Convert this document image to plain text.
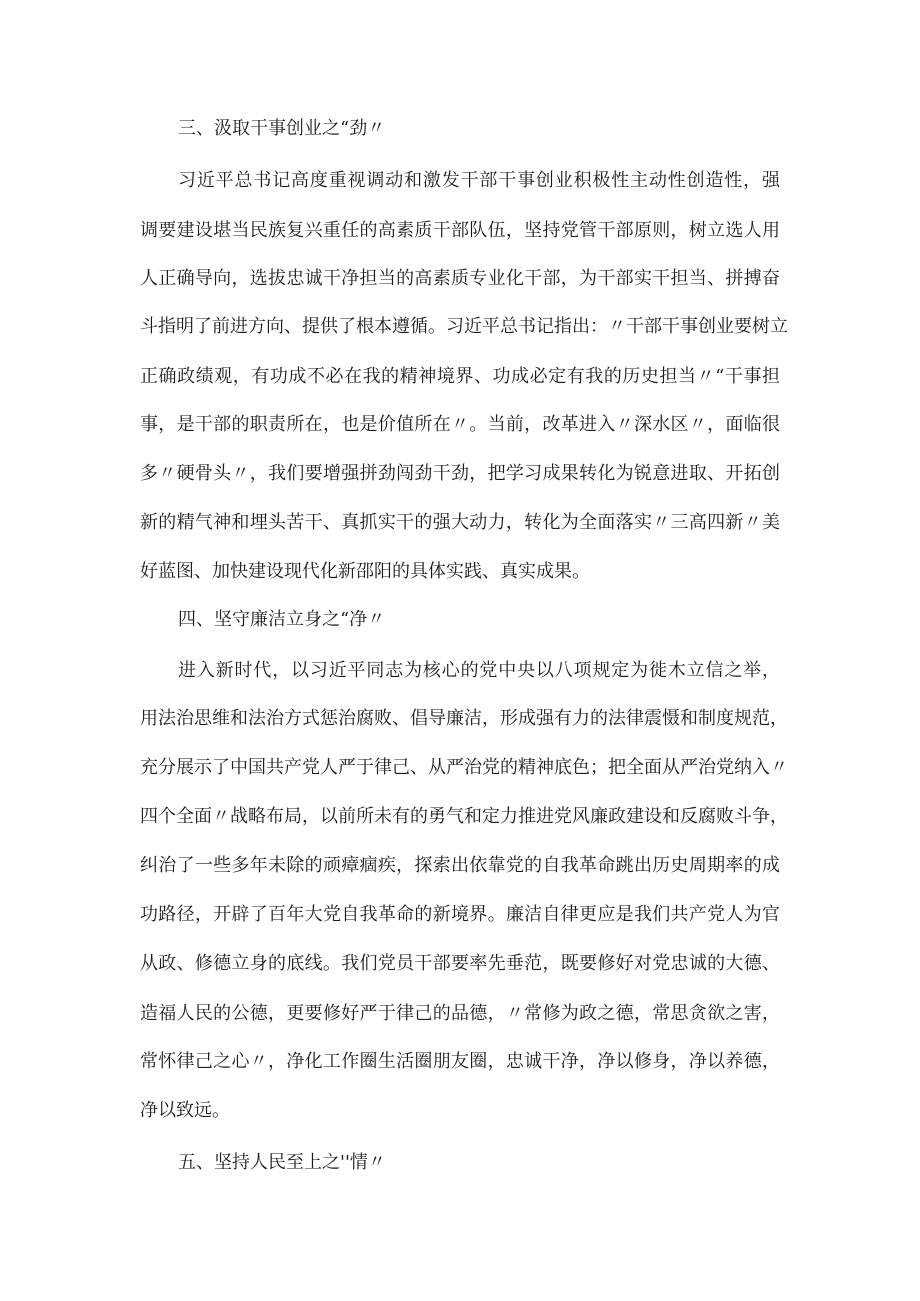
三、汲取干事创业之“劲〃
习近平总书记高度重视调动和激发干部干事创业积极性主动性创造性，强
调要建设堪当民族复兴重任的高素质干部队伍，坚持党管干部原则，树立选人用
人正确导向，选拔忠诚干净担当的高素质专业化干部，为干部实干担当、拼搏奋
斗指明了前进方向、提供了根本遵循。习近平总书记指出：〃干部干事创业要树立
正确政绩观，有功成不必在我的精神境界、功成必定有我的历史担当〃“干事担
事，是干部的职责所在，也是价值所在〃。当前，改革进入〃深水区〃，面临很
多〃硬骨头〃，我们要增强拼劲闯劲干劲，把学习成果转化为锐意进取、开拓创
新的精气神和埋头苦干、真抓实干的强大动力，转化为全面落实〃三高四新〃美
好蓝图、加快建设现代化新邵阳的具体实践、真实成果。
四、坚守廉洁立身之“净〃
进入新时代，以习近平同志为核心的党中央以八项规定为徙木立信之举，
用法治思维和法治方式惩治腐败、倡导廉洁，形成强有力的法律震慑和制度规范，
充分展示了中国共产党人严于律己、从严治党的精神底色；把全面从严治党纳入〃
四个全面〃战略布局，以前所未有的勇气和定力推进党风廉政建设和反腐败斗争，
纠治了一些多年未除的顽瘴痼疾，探索出依靠党的自我革命跳出历史周期率的成
功路径，开辟了百年大党自我革命的新境界。廉洁自律更应是我们共产党人为官
从政、修德立身的底线。我们党员干部要率先垂范，既要修好对党忠诚的大德、
造福人民的公德，更要修好严于律己的品德，〃常修为政之德，常思贪欲之害，
常怀律己之心〃，净化工作圈生活圈朋友圈，忠诚干净，净以修身，净以养德，
净以致远。
五、坚持人民至上之''情〃
